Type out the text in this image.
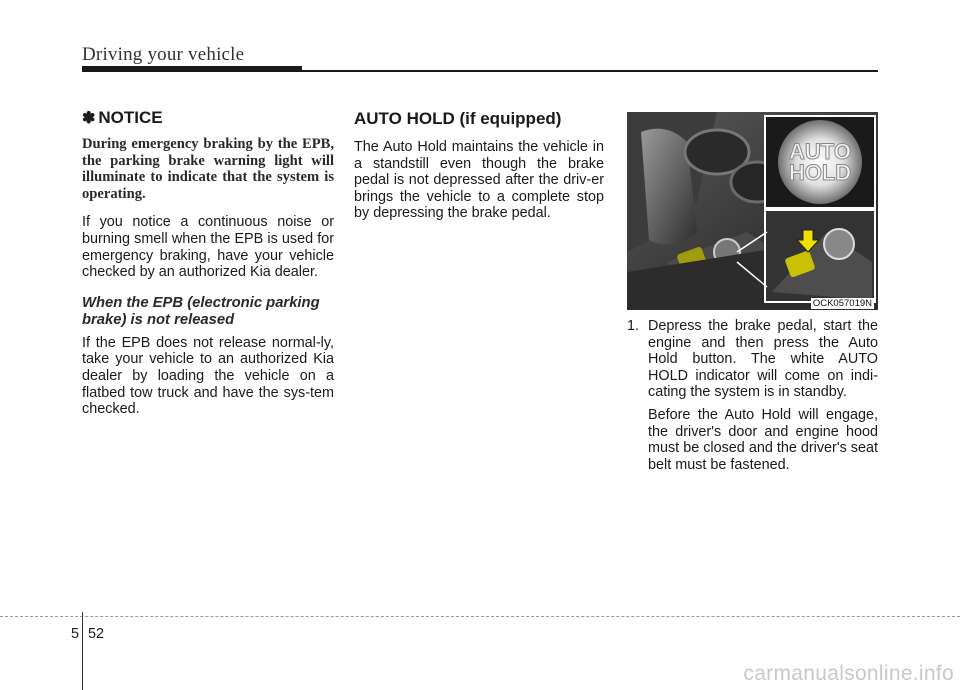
Driving your vehicle
✽ NOTICE

During emergency braking by the EPB, the parking brake warning light will illuminate to indicate that the system is operating.

If you notice a continuous noise or burning smell when the EPB is used for emergency braking, have your vehicle checked by an authorized Kia dealer.

When the EPB (electronic parking brake) is not released

If the EPB does not release normal-ly, take your vehicle to an authorized Kia dealer by loading the vehicle on a flatbed tow truck and have the sys-tem checked.

AUTO HOLD (if equipped)

The Auto Hold maintains the vehicle in a standstill even though the brake pedal is not depressed after the driv-er brings the vehicle to a complete stop by depressing the brake pedal.

AUTO
HOLD
OCK057019N
1. Depress the brake pedal, start the engine and then press the Auto Hold button. The white AUTO HOLD indicator will come on indi-cating the system is in standby.

Before the Auto Hold will engage, the driver's door and engine hood must be closed and the driver's seat belt must be fastened.

5 52
carmanualsonline.info
